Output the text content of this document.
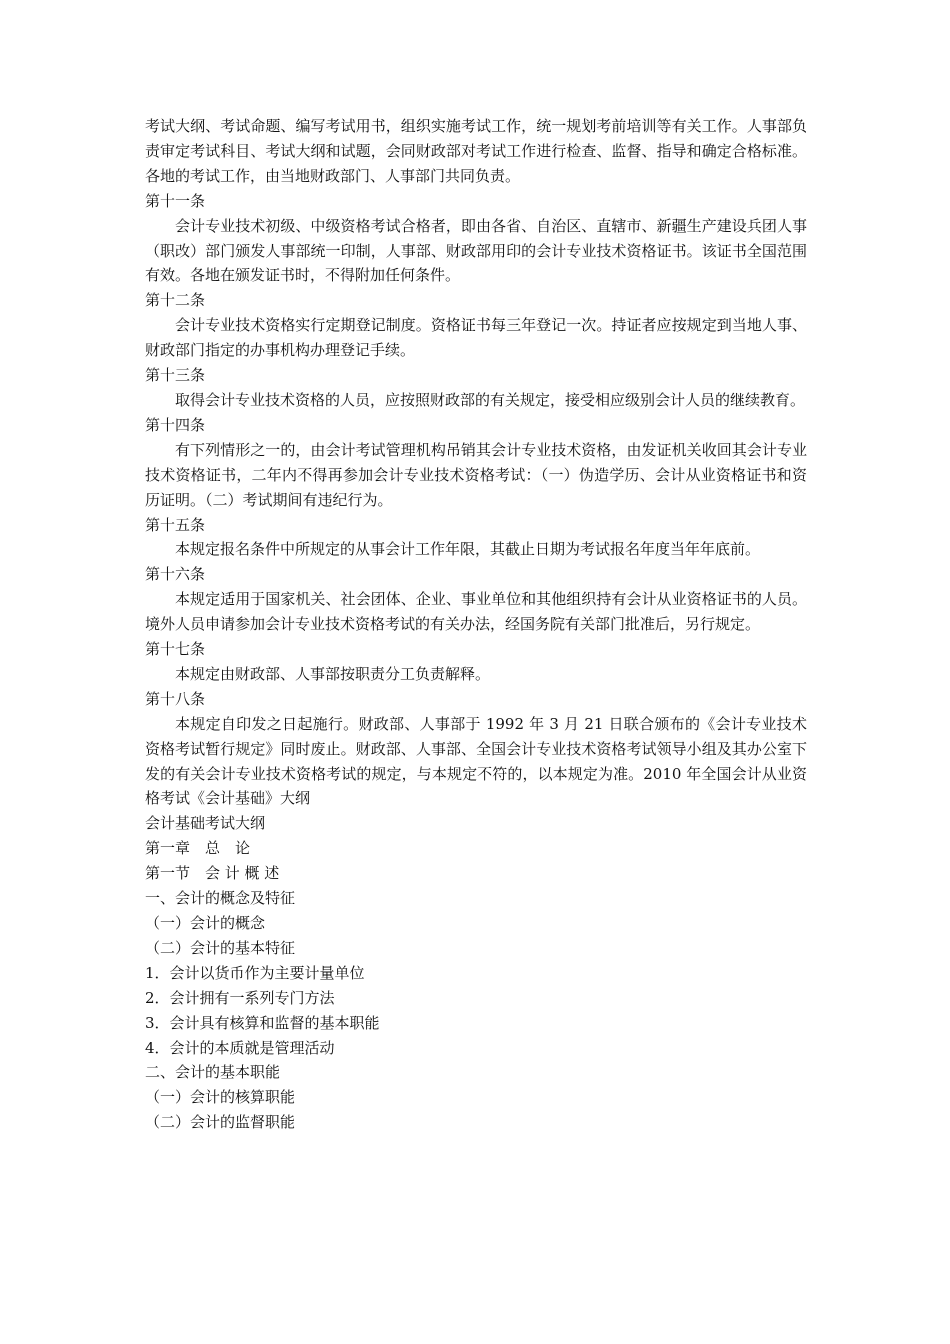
考试大纲、考试命题、编写考试用书，组织实施考试工作，统一规划考前培训等有关工作。人事部负责审定考试科目、考试大纲和试题，会同财政部对考试工作进行检查、监督、指导和确定合格标准。各地的考试工作，由当地财政部门、人事部门共同负责。

第十一条

会计专业技术初级、中级资格考试合格者，即由各省、自治区、直辖市、新疆生产建设兵团人事（职改）部门颁发人事部统一印制，人事部、财政部用印的会计专业技术资格证书。该证书全国范围有效。各地在颁发证书时，不得附加任何条件。

第十二条

会计专业技术资格实行定期登记制度。资格证书每三年登记一次。持证者应按规定到当地人事、财政部门指定的办事机构办理登记手续。

第十三条

取得会计专业技术资格的人员，应按照财政部的有关规定，接受相应级别会计人员的继续教育。

第十四条

有下列情形之一的，由会计考试管理机构吊销其会计专业技术资格，由发证机关收回其会计专业技术资格证书，二年内不得再参加会计专业技术资格考试：（一）伪造学历、会计从业资格证书和资历证明。（二）考试期间有违纪行为。

第十五条

本规定报名条件中所规定的从事会计工作年限，其截止日期为考试报名年度当年年底前。

第十六条

本规定适用于国家机关、社会团体、企业、事业单位和其他组织持有会计从业资格证书的人员。境外人员申请参加会计专业技术资格考试的有关办法，经国务院有关部门批准后，另行规定。

第十七条

本规定由财政部、人事部按职责分工负责解释。

第十八条

本规定自印发之日起施行。财政部、人事部于 1992 年 3 月 21 日联合颁布的《会计专业技术资格考试暂行规定》同时废止。财政部、人事部、全国会计专业技术资格考试领导小组及其办公室下发的有关会计专业技术资格考试的规定，与本规定不符的，以本规定为准。2010 年全国会计从业资格考试《会计基础》大纲

会计基础考试大纲

第一章　总　论

第一节　会 计 概 述

一、会计的概念及特征

（一）会计的概念

（二）会计的基本特征

1．会计以货币作为主要计量单位

2．会计拥有一系列专门方法

3．会计具有核算和监督的基本职能

4．会计的本质就是管理活动

二、会计的基本职能

（一）会计的核算职能

（二）会计的监督职能
